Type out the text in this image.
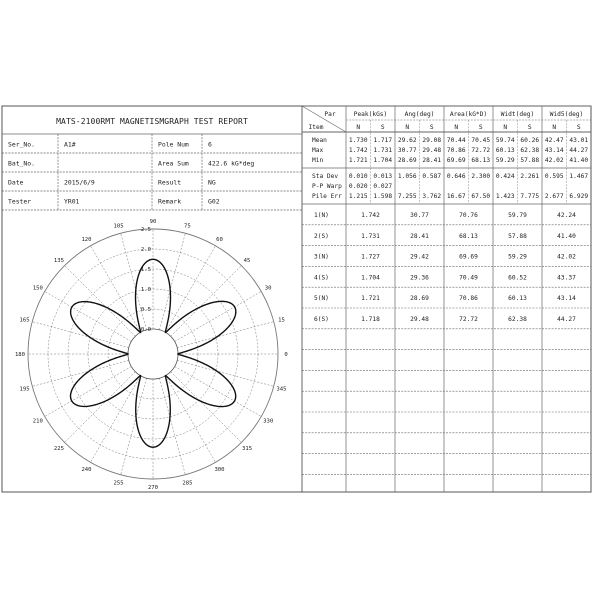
MATS-2100RMT MAGNETISMGRAPH TEST REPORT
Ser_No.	A1#	Pole Num	6
Bat_No.	Area Sum	422.6 kG*deg
Date	2015/6/9	Result	NG
Tester	YR01	Remark	G02
90
75
60
45
30
15
0
345
330
315
300
285
270
255
240
225
210
195
180
165
150
135
120
105
0.0
0.5
1.0
1.5
2.0
2.5
Par
Item
Peak(kGs)
N	S
Ang(deg)
N	S
Area(kG*D)
N	S
Widt(deg)
N	S
Wid5(deg)
N	S
Mean	1.730 1.717 29.62 29.08 70.44 70.45 59.74 60.26 42.47 43.01
Max	1.742 1.731 30.77 29.48 70.86 72.72 60.13 62.38 43.14 44.27
Min	1.721 1.704 28.69 28.41 69.69 68.13 59.29 57.88 42.02 41.40
Sta Dev 0.010 0.013 1.056 0.587 0.646 2.300 0.424 2.261 0.595 1.467
P-P Warp 0.020 0.027
Pile Err 1.215 1.598 7.255 3.762 16.67 67.50 1.423 7.775 2.677 6.929
1(N)	1.742	30.77	70.76	59.79	42.24
2(S)	1.731	28.41	68.13	57.88	41.40
3(N)	1.727	29.42	69.69	59.29	42.02
4(S)	1.704	29.36	70.49	60.52	43.37
5(N)	1.721	28.69	70.86	60.13	43.14
6(S)	1.718	29.48	72.72	62.38	44.27
